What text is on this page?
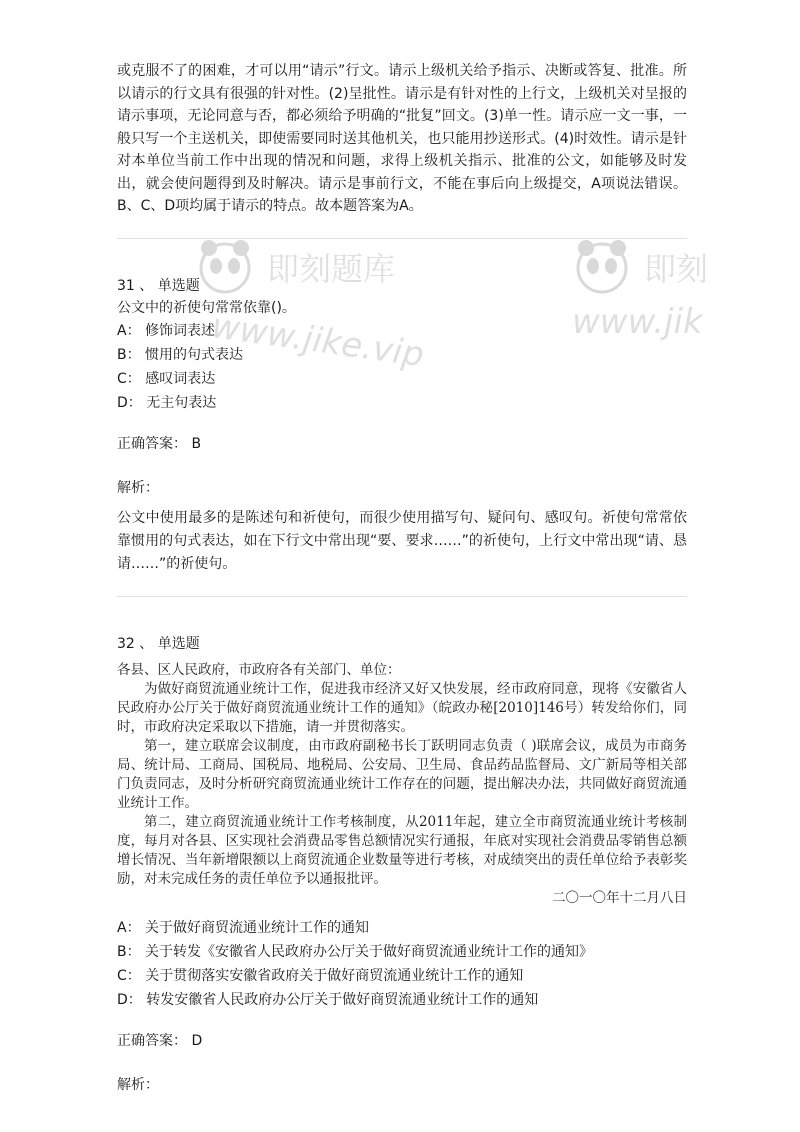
即刻题库
www.jike.vip
即刻
www.jik

或克服不了的困难，才可以用“请示”行文。请示上级机关给予指示、决断或答复、批准。所以请示的行文具有很强的针对性。(2)呈批性。请示是有针对性的上行文，上级机关对呈报的请示事项，无论同意与否，都必须给予明确的“批复”回文。(3)单一性。请示应一文一事，一般只写一个主送机关，即使需要同时送其他机关，也只能用抄送形式。(4)时效性。请示是针对本单位当前工作中出现的情况和问题，求得上级机关指示、批准的公文，如能够及时发出，就会使问题得到及时解决。请示是事前行文，不能在事后向上级提交，A项说法错误。B、C、D项均属于请示的特点。故本题答案为A。

31 、 单选题
公文中的祈使句常常依靠()。
A： 修饰词表述
B： 惯用的句式表达
C： 感叹词表达
D： 无主句表达
正确答案： B
解析：
公文中使用最多的是陈述句和祈使句，而很少使用描写句、疑问句、感叹句。祈使句常常依靠惯用的句式表达，如在下行文中常出现“要、要求……”的祈使句，上行文中常出现“请、恳请……”的祈使句。
32 、 单选题

各县、区人民政府，市政府各有关部门、单位：

为做好商贸流通业统计工作，促进我市经济又好又快发展，经市政府同意，现将《安徽省人民政府办公厅关于做好商贸流通业统计工作的通知》（皖政办秘[2010]146号）转发给你们，同时，市政府决定采取以下措施，请一并贯彻落实。

第一，建立联席会议制度，由市政府副秘书长丁跃明同志负责（ )联席会议，成员为市商务局、统计局、工商局、国税局、地税局、公安局、卫生局、食品药品监督局、文广新局等相关部门负责同志，及时分析研究商贸流通业统计工作存在的问题，提出解决办法，共同做好商贸流通业统计工作。

第二，建立商贸流通业统计工作考核制度，从2011年起，建立全市商贸流通业统计考核制度，每月对各县、区实现社会消费品零售总额情况实行通报，年底对实现社会消费品零销售总额增长情况、当年新增限额以上商贸流通企业数量等进行考核，对成绩突出的责任单位给予表彰奖励，对未完成任务的责任单位予以通报批评。

二〇一〇年十二月八日

A： 关于做好商贸流通业统计工作的通知
B： 关于转发《安徽省人民政府办公厅关于做好商贸流通业统计工作的通知》
C： 关于贯彻落实安徽省政府关于做好商贸流通业统计工作的通知
D： 转发安徽省人民政府办公厅关于做好商贸流通业统计工作的通知
正确答案： D
解析：
